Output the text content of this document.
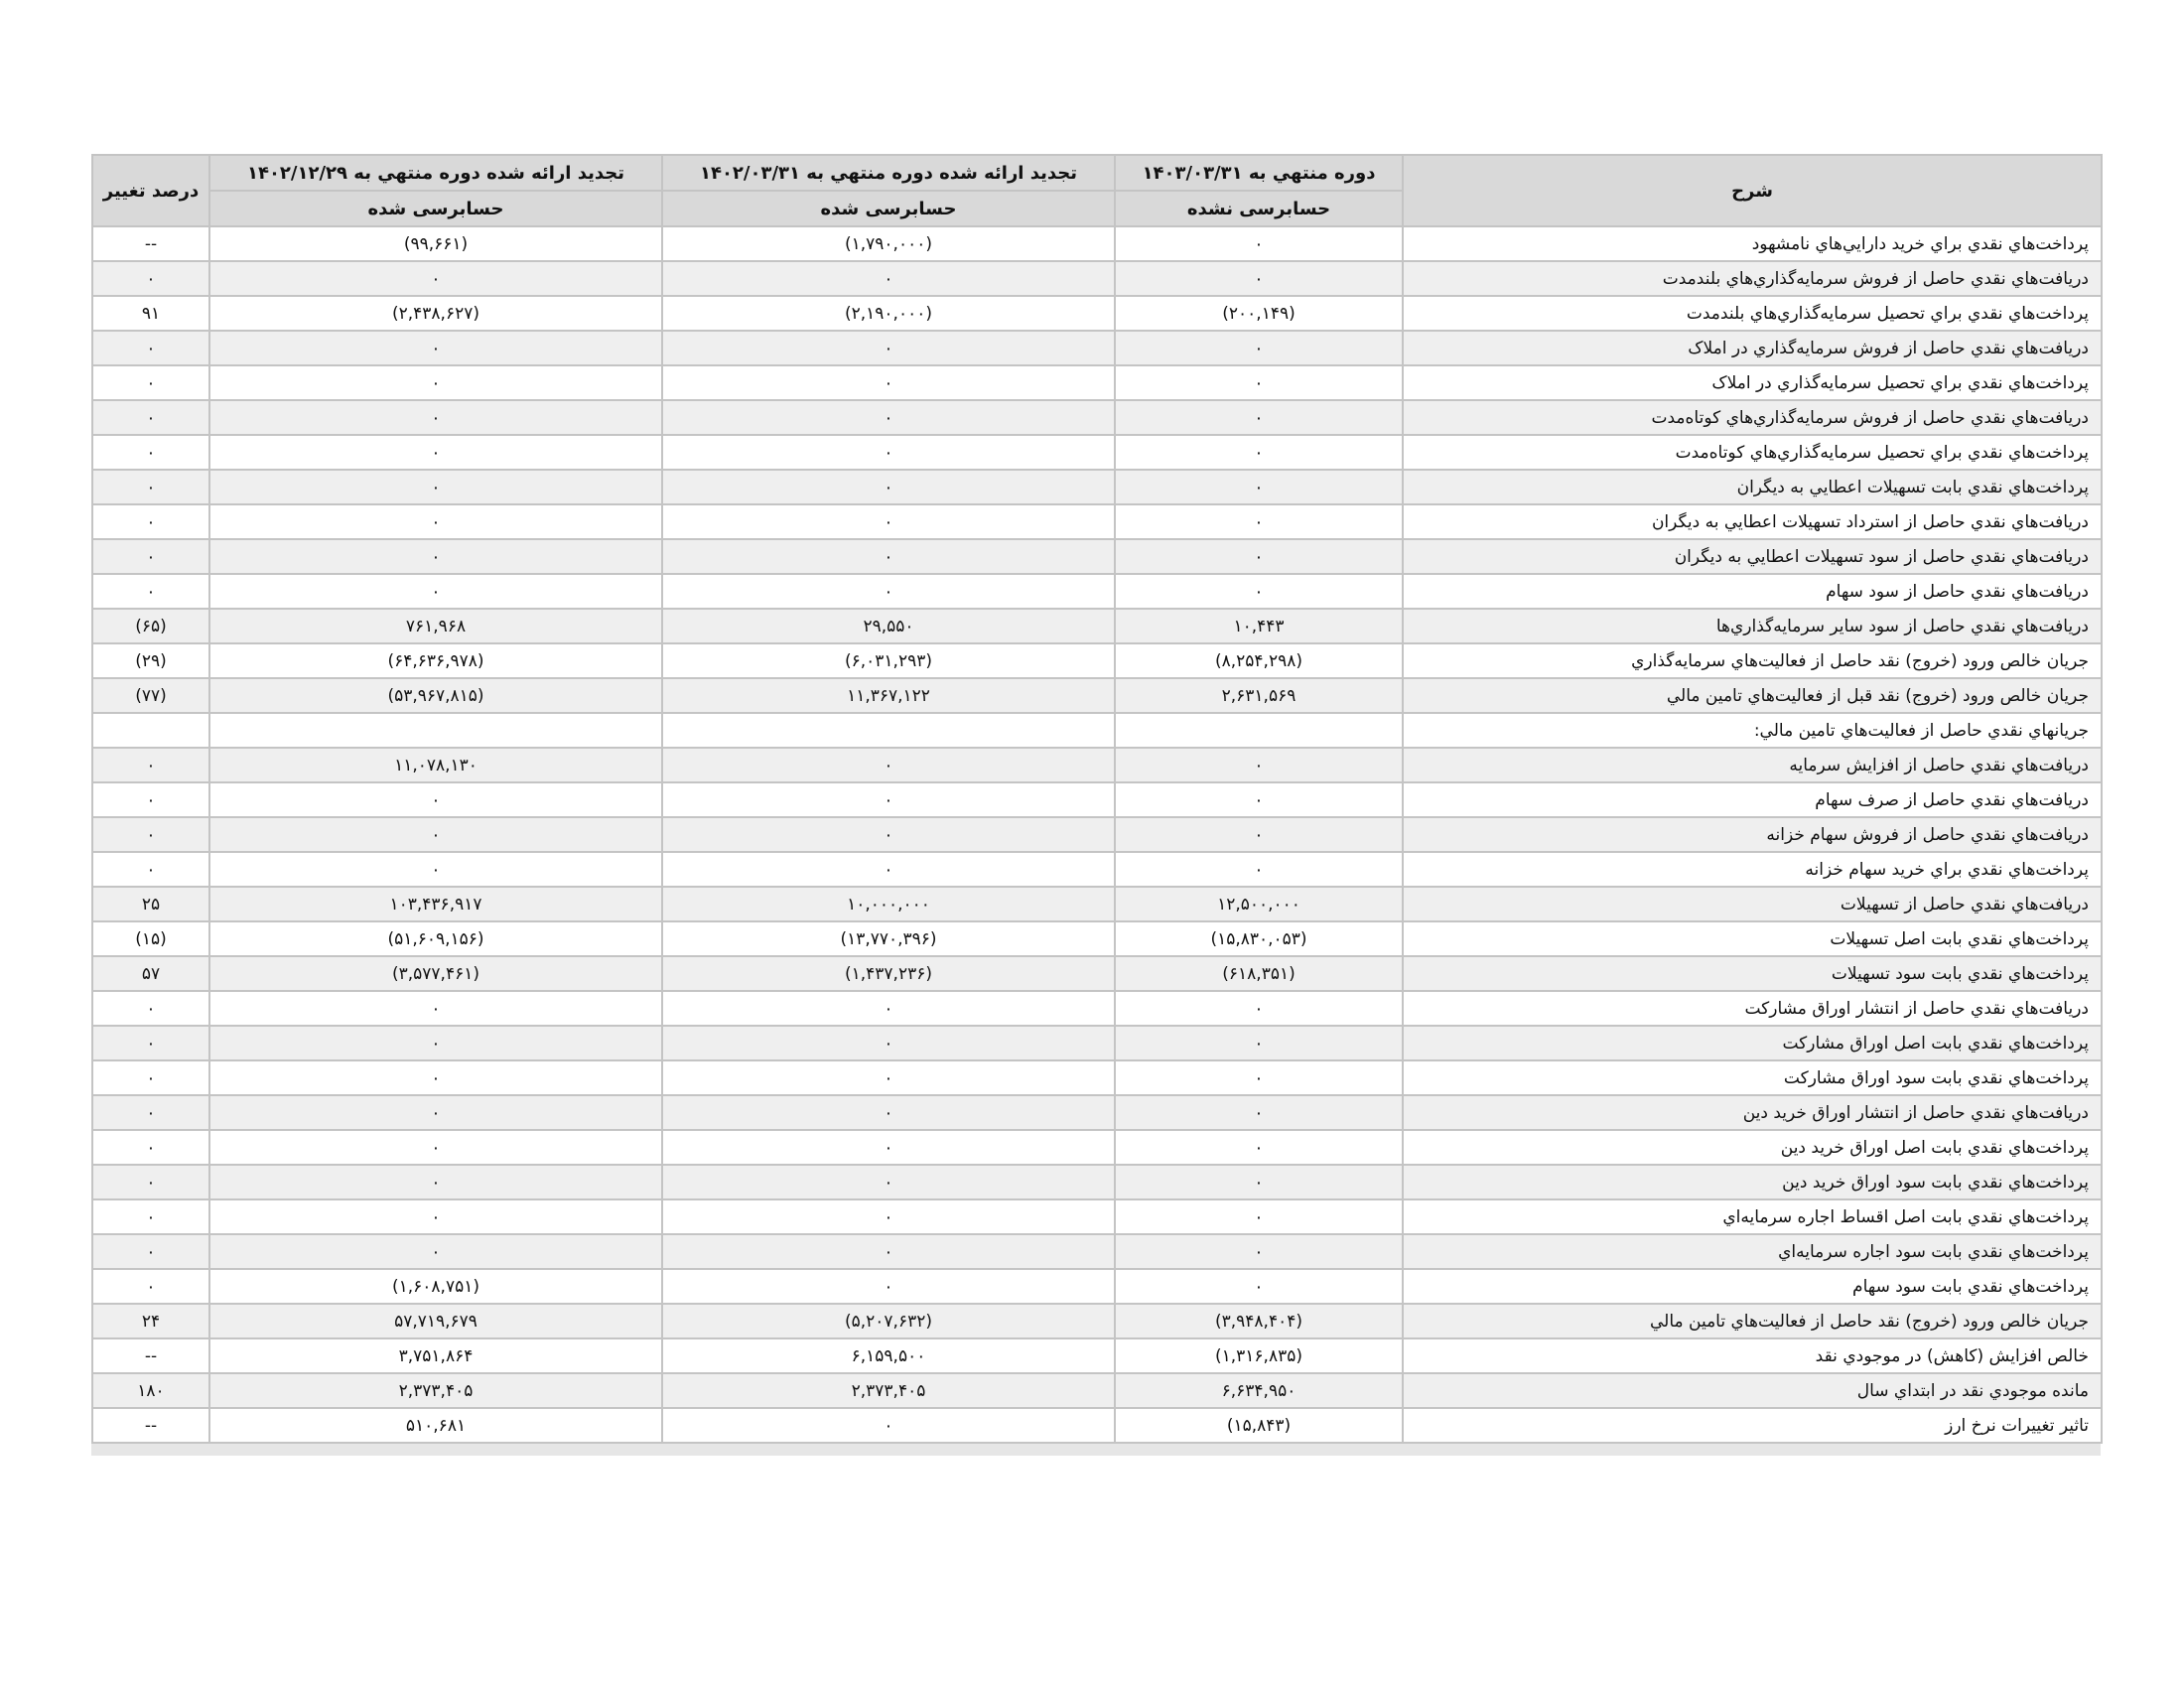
شرح	دوره منتهي به ۱۴۰۳/۰۳/۳۱	تجديد ارائه شده دوره منتهي به ۱۴۰۲/۰۳/۳۱	تجديد ارائه شده دوره منتهي به ۱۴۰۲/۱۲/۲۹	درصد تغيير
	حسابرسی نشده	حسابرسی شده	حسابرسی شده	
پرداخت‌هاي نقدي براي خريد دارايي‌هاي نامشهود	۰	(۱,۷۹۰,۰۰۰)	(۹۹,۶۶۱)	--
دريافت‌هاي نقدي حاصل از فروش سرمايه‌گذاري‌هاي بلندمدت	۰	۰	۰	۰
پرداخت‌هاي نقدي براي تحصيل سرمايه‌گذاري‌هاي بلندمدت	(۲۰۰,۱۴۹)	(۲,۱۹۰,۰۰۰)	(۲,۴۳۸,۶۲۷)	۹۱
دريافت‌هاي نقدي حاصل از فروش سرمايه‌گذاري در املاک	۰	۰	۰	۰
پرداخت‌هاي نقدي براي تحصيل سرمايه‌گذاري در املاک	۰	۰	۰	۰
دريافت‌هاي نقدي حاصل از فروش سرمايه‌گذاري‌هاي کوتاه‌مدت	۰	۰	۰	۰
پرداخت‌هاي نقدي براي تحصيل سرمايه‌گذاري‌هاي کوتاه‌مدت	۰	۰	۰	۰
پرداخت‌هاي نقدي بابت تسهيلات اعطايي به ديگران	۰	۰	۰	۰
دريافت‌هاي نقدي حاصل از استرداد تسهيلات اعطايي به ديگران	۰	۰	۰	۰
دريافت‌هاي نقدي حاصل از سود تسهيلات اعطايي به ديگران	۰	۰	۰	۰
دريافت‌هاي نقدي حاصل از سود سهام	۰	۰	۰	۰
دريافت‌هاي نقدي حاصل از سود ساير سرمايه‌گذاري‌ها	۱۰,۴۴۳	۲۹,۵۵۰	۷۶۱,۹۶۸	(۶۵)
جريان خالص ورود (خروج) نقد حاصل از فعاليت‌هاي سرمايه‌گذاري	(۸,۲۵۴,۲۹۸)	(۶,۰۳۱,۲۹۳)	(۶۴,۶۳۶,۹۷۸)	(۲۹)
جريان خالص ورود (خروج) نقد قبل از فعاليت‌هاي تامين مالي	۲,۶۳۱,۵۶۹	۱۱,۳۶۷,۱۲۲	(۵۳,۹۶۷,۸۱۵)	(۷۷)
جريانهاي نقدي حاصل از فعاليت‌هاي تامين مالي:				
دريافت‌هاي نقدي حاصل از افزايش سرمايه	۰	۰	۱۱,۰۷۸,۱۳۰	۰
دريافت‌هاي نقدي حاصل از صرف سهام	۰	۰	۰	۰
دريافت‌هاي نقدي حاصل از فروش سهام خزانه	۰	۰	۰	۰
پرداخت‌هاي نقدي براي خريد سهام خزانه	۰	۰	۰	۰
دريافت‌هاي نقدي حاصل از تسهيلات	۱۲,۵۰۰,۰۰۰	۱۰,۰۰۰,۰۰۰	۱۰۳,۴۳۶,۹۱۷	۲۵
پرداخت‌هاي نقدي بابت اصل تسهيلات	(۱۵,۸۳۰,۰۵۳)	(۱۳,۷۷۰,۳۹۶)	(۵۱,۶۰۹,۱۵۶)	(۱۵)
پرداخت‌هاي نقدي بابت سود تسهيلات	(۶۱۸,۳۵۱)	(۱,۴۳۷,۲۳۶)	(۳,۵۷۷,۴۶۱)	۵۷
دريافت‌هاي نقدي حاصل از انتشار اوراق مشارکت	۰	۰	۰	۰
پرداخت‌هاي نقدي بابت اصل اوراق مشارکت	۰	۰	۰	۰
پرداخت‌هاي نقدي بابت سود اوراق مشارکت	۰	۰	۰	۰
دريافت‌هاي نقدي حاصل از انتشار اوراق خريد دين	۰	۰	۰	۰
پرداخت‌هاي نقدي بابت اصل اوراق خريد دين	۰	۰	۰	۰
پرداخت‌هاي نقدي بابت سود اوراق خريد دين	۰	۰	۰	۰
پرداخت‌هاي نقدي بابت اصل اقساط اجاره سرمايه‌اي	۰	۰	۰	۰
پرداخت‌هاي نقدي بابت سود اجاره سرمايه‌اي	۰	۰	۰	۰
پرداخت‌هاي نقدي بابت سود سهام	۰	۰	(۱,۶۰۸,۷۵۱)	۰
جريان خالص ورود (خروج) نقد حاصل از فعاليت‌هاي تامين مالي	(۳,۹۴۸,۴۰۴)	(۵,۲۰۷,۶۳۲)	۵۷,۷۱۹,۶۷۹	۲۴
خالص افزايش (کاهش) در موجودي نقد	(۱,۳۱۶,۸۳۵)	۶,۱۵۹,۵۰۰	۳,۷۵۱,۸۶۴	--
مانده موجودي نقد در ابتداي سال	۶,۶۳۴,۹۵۰	۲,۳۷۳,۴۰۵	۲,۳۷۳,۴۰۵	۱۸۰
تاثير تغييرات نرخ ارز	(۱۵,۸۴۳)	۰	۵۱۰,۶۸۱	--
